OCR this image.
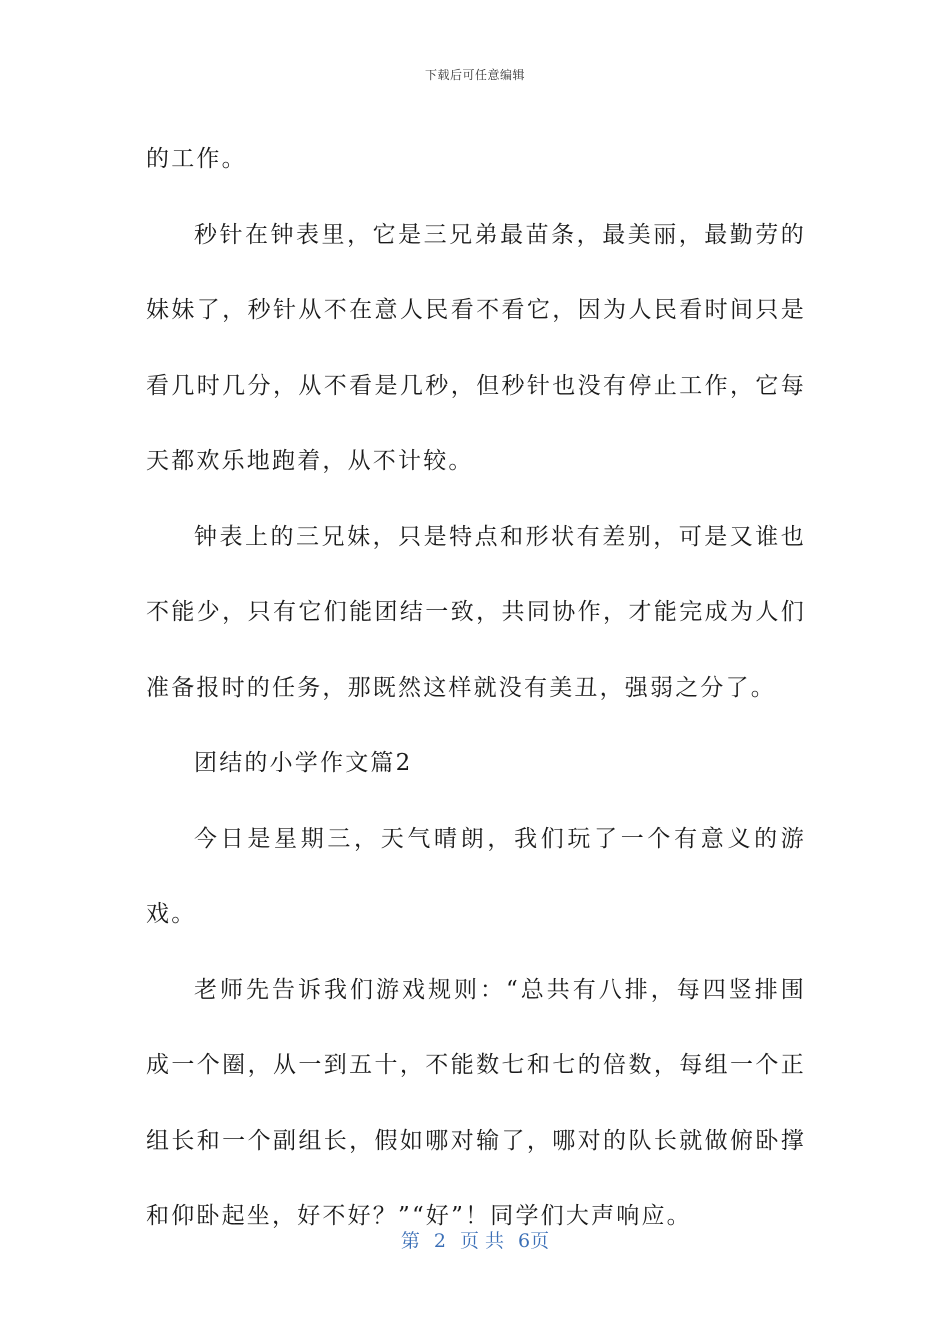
下载后可任意编辑

的工作。

秒针在钟表里，它是三兄弟最苗条，最美丽，最勤劳的妹妹了，秒针从不在意人民看不看它，因为人民看时间只是看几时几分，从不看是几秒，但秒针也没有停止工作，它每天都欢乐地跑着，从不计较。

钟表上的三兄妹，只是特点和形状有差别，可是又谁也不能少，只有它们能团结一致，共同协作，才能完成为人们准备报时的任务，那既然这样就没有美丑，强弱之分了。

团结的小学作文篇2

今日是星期三，天气晴朗，我们玩了一个有意义的游戏。

老师先告诉我们游戏规则：“总共有八排，每四竖排围成一个圈，从一到五十，不能数七和七的倍数，每组一个正组长和一个副组长，假如哪对输了，哪对的队长就做俯卧撑和仰卧起坐，好不好？”“好”！同学们大声响应。

第 2 页 共 6页
